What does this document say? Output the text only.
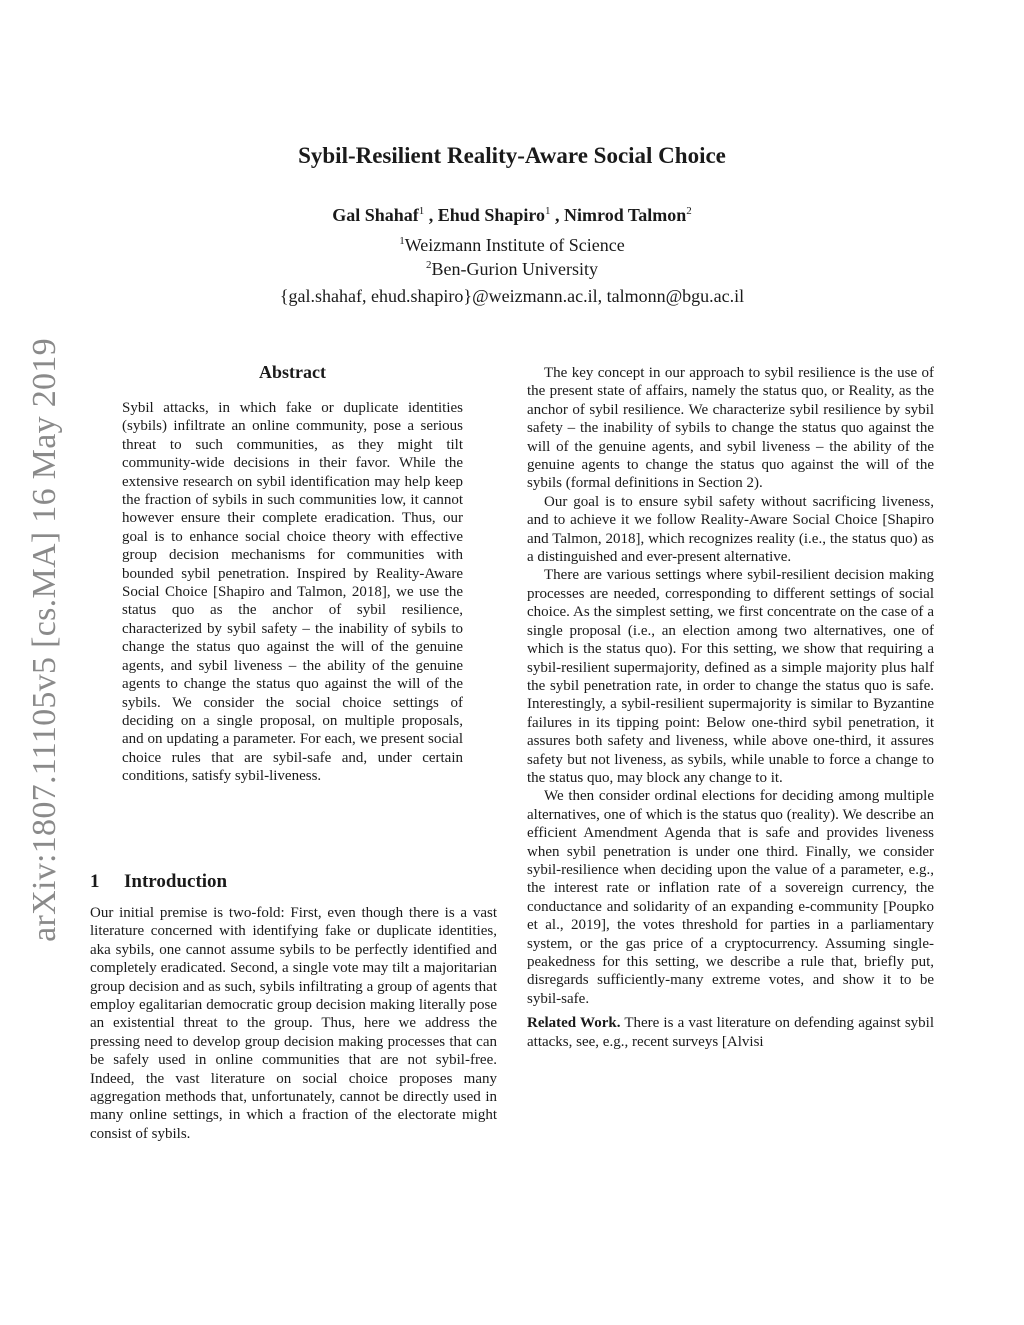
arXiv:1807.11105v5 [cs.MA] 16 May 2019
Sybil-Resilient Reality-Aware Social Choice
Gal Shahaf$^1$ , Ehud Shapiro$^1$ , Nimrod Talmon$^2$
$^1$Weizmann Institute of Science
$^2$Ben-Gurion University
{gal.shahaf, ehud.shapiro}@weizmann.ac.il, talmonn@bgu.ac.il
Abstract

Sybil attacks, in which fake or duplicate identities (sybils) infiltrate an online community, pose a serious threat to such communities, as they might tilt community-wide decisions in their favor. While the extensive research on sybil identification may help keep the fraction of sybils in such communities low, it cannot however ensure their complete eradication. Thus, our goal is to enhance social choice theory with effective group decision mechanisms for communities with bounded sybil penetration. Inspired by Reality-Aware Social Choice [Shapiro and Talmon, 2018], we use the status quo as the anchor of sybil resilience, characterized by sybil safety – the inability of sybils to change the status quo against the will of the genuine agents, and sybil liveness – the ability of the genuine agents to change the status quo against the will of the sybils. We consider the social choice settings of deciding on a single proposal, on multiple proposals, and on updating a parameter. For each, we present social choice rules that are sybil-safe and, under certain conditions, satisfy sybil-liveness.

1 Introduction

Our initial premise is two-fold: First, even though there is a vast literature concerned with identifying fake or duplicate identities, aka sybils, one cannot assume sybils to be perfectly identified and completely eradicated. Second, a single vote may tilt a majoritarian group decision and as such, sybils infiltrating a group of agents that employ egalitarian democratic group decision making literally pose an existential threat to the group. Thus, here we address the pressing need to develop group decision making processes that can be safely used in online communities that are not sybil-free. Indeed, the vast literature on social choice proposes many aggregation methods that, unfortunately, cannot be directly used in many online settings, in which a fraction of the electorate might consist of sybils.

The key concept in our approach to sybil resilience is the use of the present state of affairs, namely the status quo, or Reality, as the anchor of sybil resilience. We characterize sybil resilience by sybil safety – the inability of sybils to change the status quo against the will of the genuine agents, and sybil liveness – the ability of the genuine agents to change the status quo against the will of the sybils (formal definitions in Section 2).

Our goal is to ensure sybil safety without sacrificing liveness, and to achieve it we follow Reality-Aware Social Choice [Shapiro and Talmon, 2018], which recognizes reality (i.e., the status quo) as a distinguished and ever-present alternative.

There are various settings where sybil-resilient decision making processes are needed, corresponding to different settings of social choice. As the simplest setting, we first concentrate on the case of a single proposal (i.e., an election among two alternatives, one of which is the status quo). For this setting, we show that requiring a sybil-resilient supermajority, defined as a simple majority plus half the sybil penetration rate, in order to change the status quo is safe. Interestingly, a sybil-resilient supermajority is similar to Byzantine failures in its tipping point: Below one-third sybil penetration, it assures both safety and liveness, while above one-third, it assures safety but not liveness, as sybils, while unable to force a change to the status quo, may block any change to it.

We then consider ordinal elections for deciding among multiple alternatives, one of which is the status quo (reality). We describe an efficient Amendment Agenda that is safe and provides liveness when sybil penetration is under one third. Finally, we consider sybil-resilience when deciding upon the value of a parameter, e.g., the interest rate or inflation rate of a sovereign currency, the conductance and solidarity of an expanding e-community [Poupko et al., 2019], the votes threshold for parties in a parliamentary system, or the gas price of a cryptocurrency. Assuming single-peakedness for this setting, we describe a rule that, briefly put, disregards sufficiently-many extreme votes, and show it to be sybil-safe.

Related Work. There is a vast literature on defending against sybil attacks, see, e.g., recent surveys [Alvisi
